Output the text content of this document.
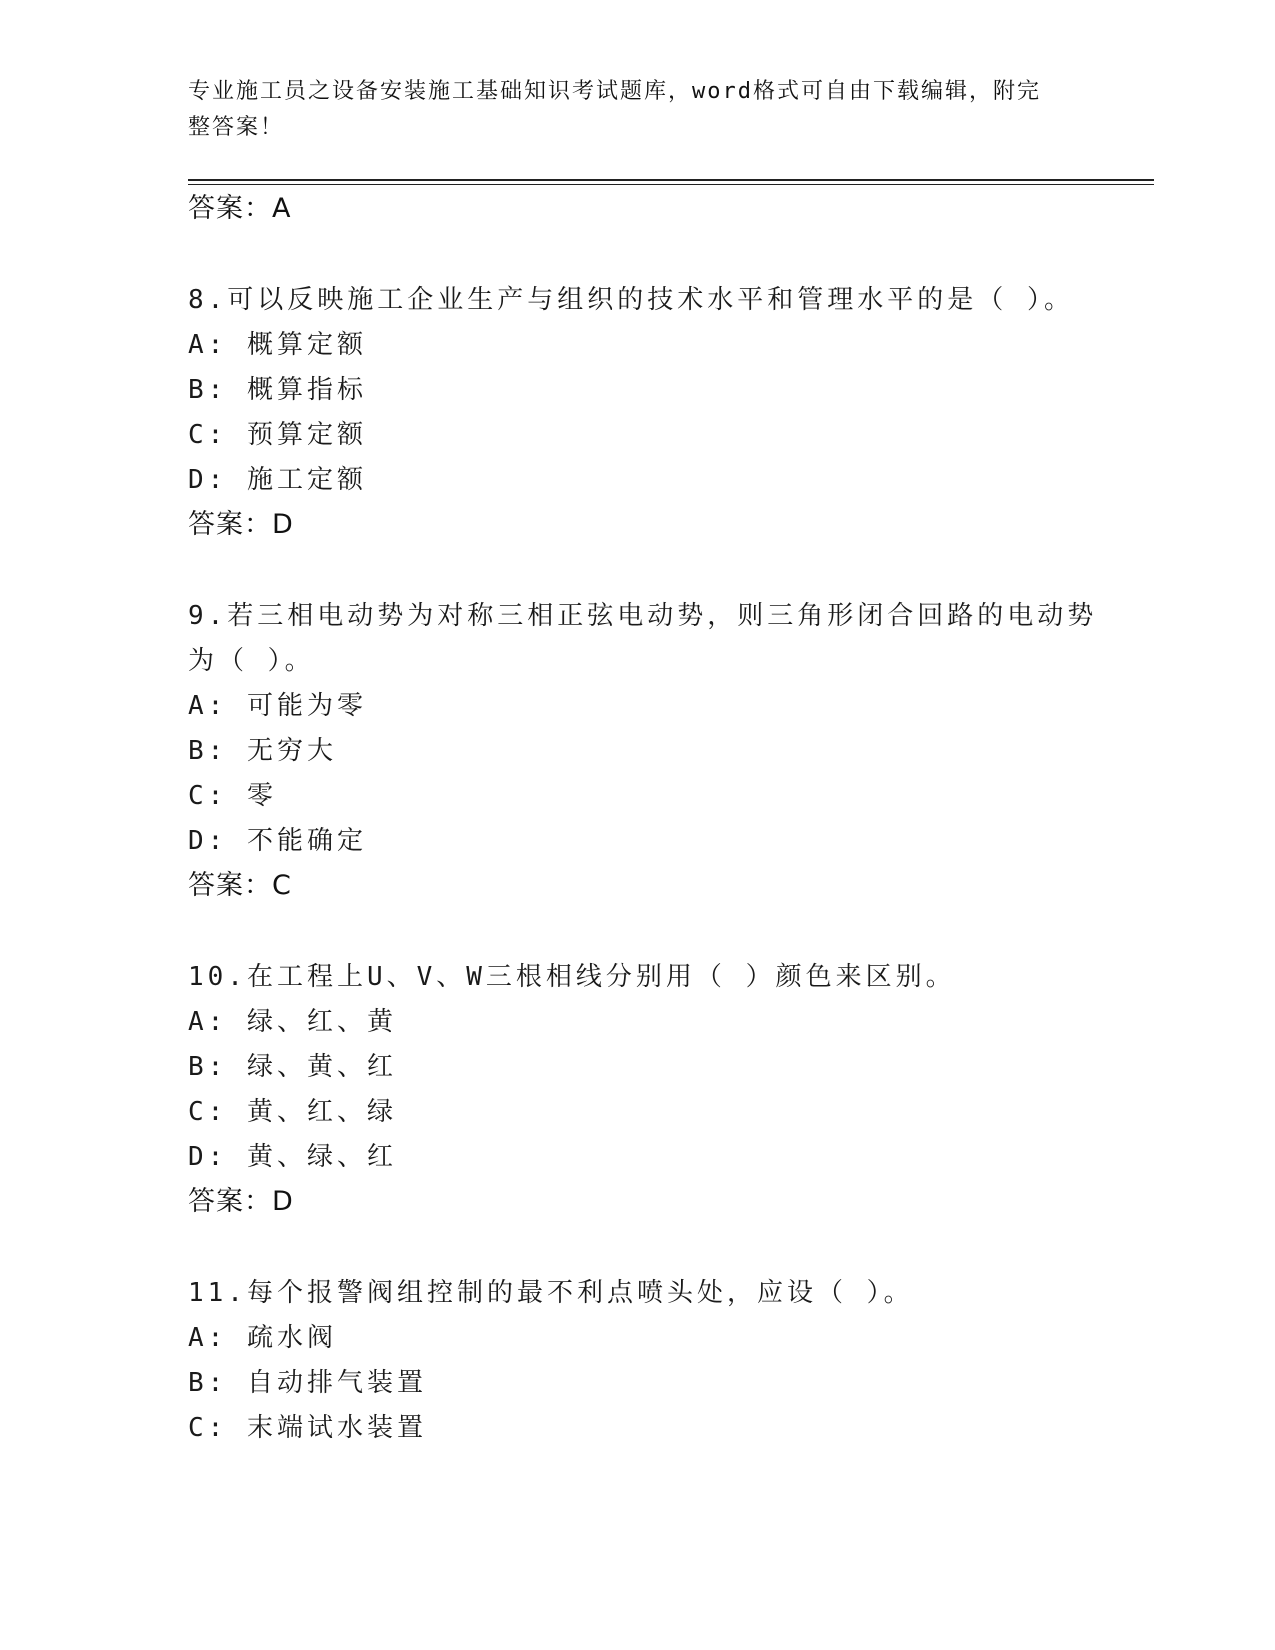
专业施工员之设备安装施工基础知识考试题库，word格式可自由下载编辑，附完
整答案！
答案：A
8.可以反映施工企业生产与组织的技术水平和管理水平的是（ ）。
A: 概算定额
B: 概算指标
C: 预算定额
D: 施工定额
答案：D
9.若三相电动势为对称三相正弦电动势，则三角形闭合回路的电动势
为（ ）。
A: 可能为零
B: 无穷大
C: 零
D: 不能确定
答案：C
10.在工程上U、V、W三根相线分别用（ ）颜色来区别。
A: 绿、红、黄
B: 绿、黄、红
C: 黄、红、绿
D: 黄、绿、红
答案：D
11.每个报警阀组控制的最不利点喷头处，应设（ ）。
A: 疏水阀
B: 自动排气装置
C: 末端试水装置
